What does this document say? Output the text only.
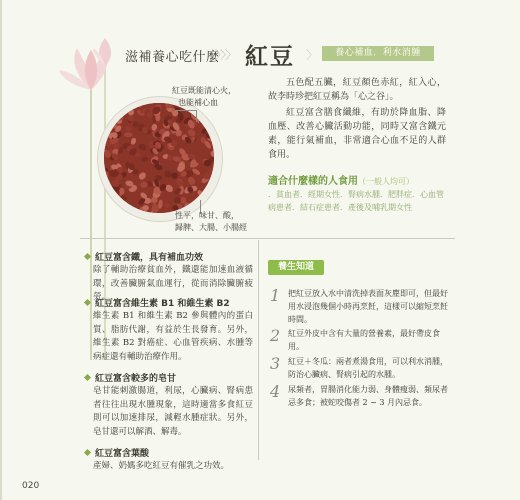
滋補養心吃什麼
〉〉〉 紅豆 〉	養心補血．利水消腫
紅豆既能清心火，
也能補心血
性平，味甘、酸，
歸脾、大腸、小腸經
五色配五臟，紅豆顏色赤紅，紅入心，故李時珍把紅豆稱為「心之谷」。
紅豆富含膳食纖維，有助於降血脂、降血壓、改善心臟活動功能，同時又富含鐵元素，能行氣補血，非常適合心血不足的人群食用。
適合什麼樣的人食用（一般人均可）
．貧血者．經期女性．腎病水腫．肥胖症．心血管病患者．結石症患者．產後及哺乳期女性
紅豆富含鐵，具有補血功效
除了輔助治療貧血外，鐵還能加速血液循環，改善臟腑氣血運行，從而消除臟腑疲勞。
紅豆富含維生素 B1 和維生素 B2
維生素 B1 和維生素 B2 參與體內的蛋白質、脂肪代謝，有益於生長發育。另外，維生素 B2 對癌症、心血管疾病、水腫等病症還有輔助治療作用。
紅豆富含較多的皂甘
皂甘能刺激腸道，利尿，心臟病、腎病患者往往出現水腫現象，這時適當多食紅豆則可以加速排尿，減輕水腫症狀。另外，皂甘還可以解酒、解毒。
紅豆富含葉酸
產婦、奶媽多吃紅豆有催乳之功效。
養生知道
1 把紅豆放入水中清洗掉表面灰塵即可，但最好用水浸泡幾個小時再烹飪，這樣可以縮短烹飪時間。
2 紅豆外皮中含有大量的營養素，最好帶皮食用。
3 紅豆＋冬瓜：兩者煮湯食用，可以利水消腫，防治心臟病、腎病引起的水腫。
4 尿頻者，胃腸消化能力弱、身體瘦弱、頻尿者忌多食；被蛇咬傷者 2 ~ 3 月內忌食。
020
